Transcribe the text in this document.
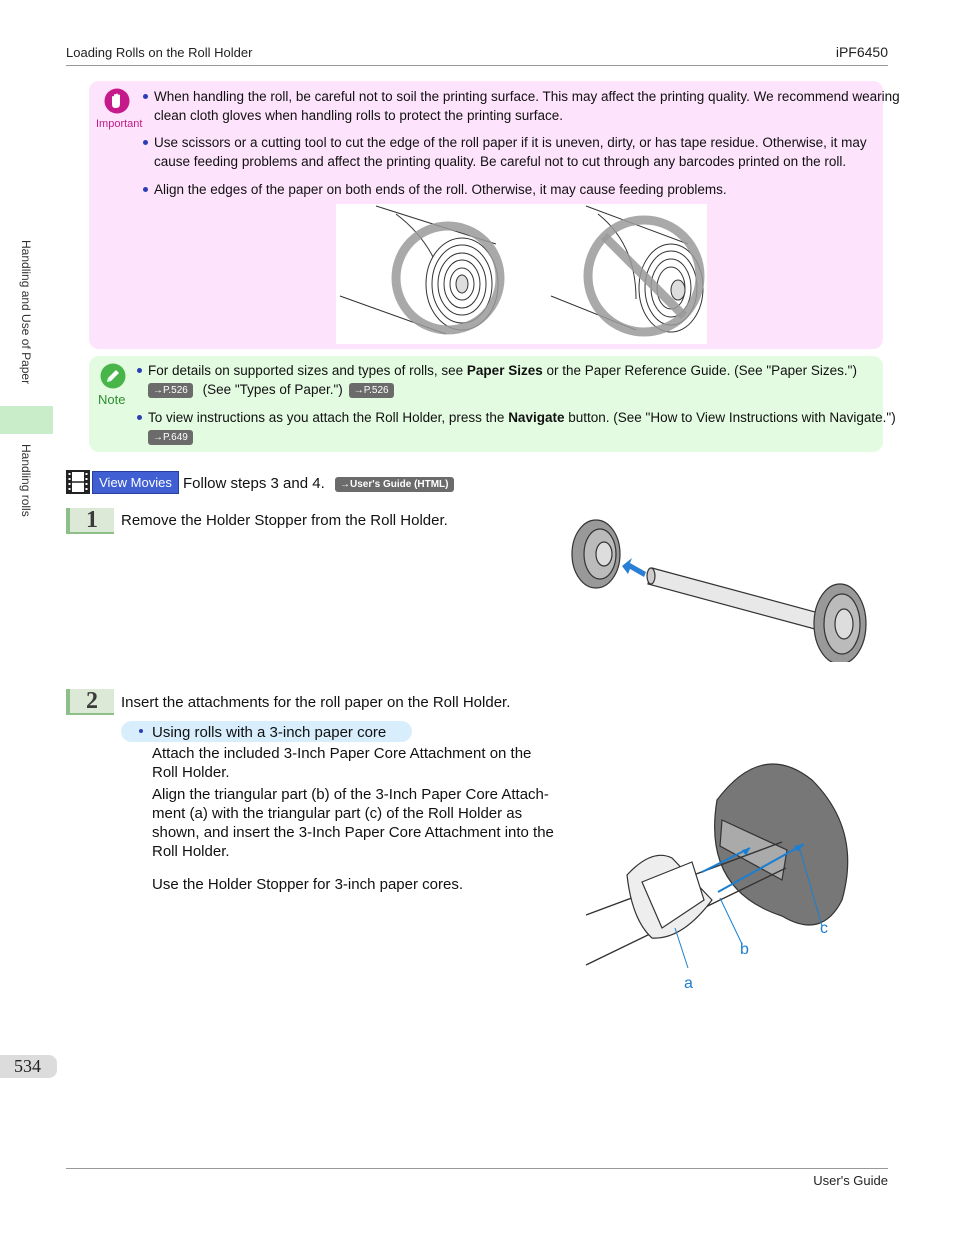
Loading Rolls on the Roll Holder	iPF6450
Handling and Use of Paper
Handling rolls
Important
When handling the roll, be careful not to soil the printing surface. This may affect the printing quality. We recommend wearing
clean cloth gloves when handling rolls to protect the printing surface.
Use scissors or a cutting tool to cut the edge of the roll paper if it is uneven, dirty, or has tape residue. Otherwise, it may
cause feeding problems and affect the printing quality. Be careful not to cut through any barcodes printed on the roll.
Align the edges of the paper on both ends of the roll. Otherwise, it may cause feeding problems.
Note
For details on supported sizes and types of rolls, see Paper Sizes or the Paper Reference Guide. (See "Paper Sizes.")
→P.526 (See "Types of Paper.") →P.526
To view instructions as you attach the Roll Holder, press the Navigate button. (See "How to View Instructions with Navigate.")
→P.649
View Movies Follow steps 3 and 4.	→User's Guide (HTML)
1	Remove the Holder Stopper from the Roll Holder.
2	Insert the attachments for the roll paper on the Roll Holder.
Using rolls with a 3-inch paper core
Attach the included 3-Inch Paper Core Attachment on the
Roll Holder.
Align the triangular part (b) of the 3-Inch Paper Core Attach-
ment (a) with the triangular part (c) of the Roll Holder as
shown, and insert the 3-Inch Paper Core Attachment into the
Roll Holder.
Use the Holder Stopper for 3-inch paper cores.
a
b
c
534
User's Guide
